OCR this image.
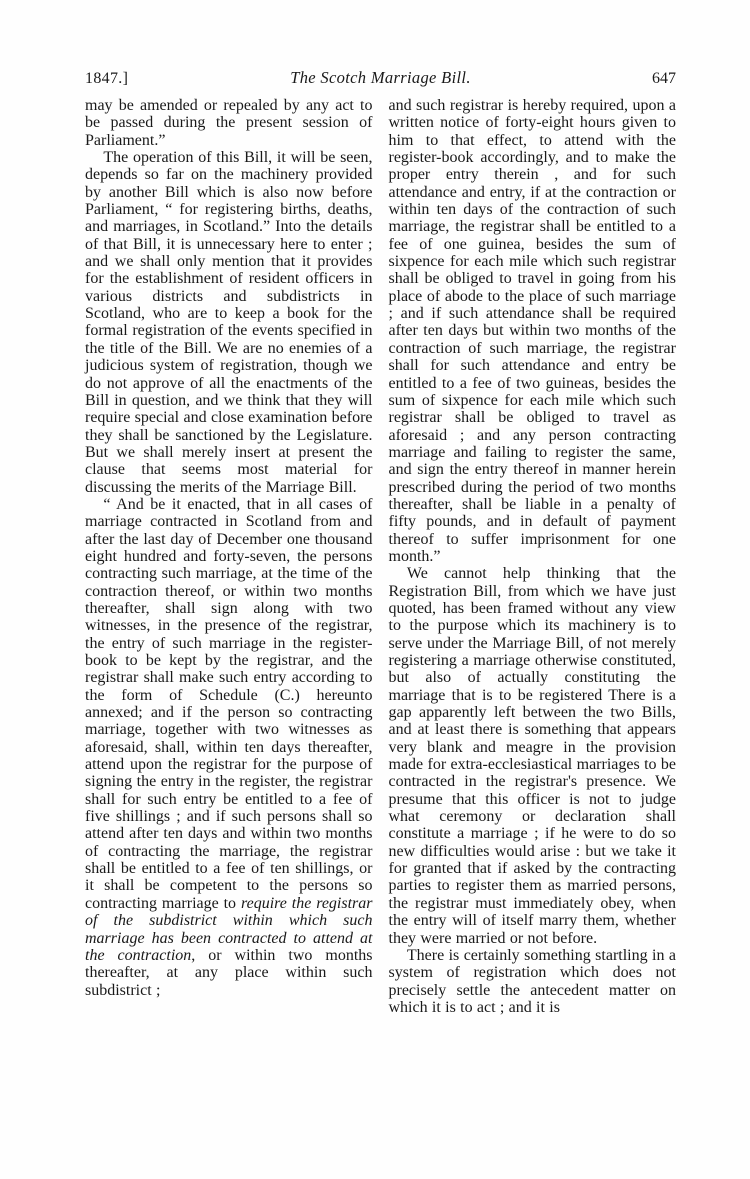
1847.]	The Scotch Marriage Bill.	647

may be amended or repealed by any act to be passed during the present session of Parliament.”

The operation of this Bill, it will be seen, depends so far on the machinery provided by another Bill which is also now before Parliament, “ for registering births, deaths, and marriages, in Scotland.” Into the details of that Bill, it is unnecessary here to enter ; and we shall only mention that it provides for the establishment of resident officers in various districts and subdistricts in Scotland, who are to keep a book for the formal registration of the events specified in the title of the Bill. We are no enemies of a judicious system of registration, though we do not approve of all the enactments of the Bill in question, and we think that they will require special and close examination before they shall be sanctioned by the Legislature. But we shall merely insert at present the clause that seems most material for discussing the merits of the Marriage Bill.

“ And be it enacted, that in all cases of marriage contracted in Scotland from and after the last day of December one thousand eight hundred and forty-seven, the persons contracting such marriage, at the time of the contraction thereof, or within two months thereafter, shall sign along with two witnesses, in the presence of the registrar, the entry of such marriage in the register-book to be kept by the registrar, and the registrar shall make such entry according to the form of Schedule (C.) hereunto annexed; and if the person so contracting marriage, together with two witnesses as aforesaid, shall, within ten days thereafter, attend upon the registrar for the purpose of signing the entry in the register, the registrar shall for such entry be entitled to a fee of five shillings ; and if such persons shall so attend after ten days and within two months of contracting the marriage, the registrar shall be entitled to a fee of ten shillings, or it shall be competent to the persons so contracting marriage to require the registrar of the subdistrict within which such marriage has been contracted to attend at the contraction, or within two months thereafter, at any place within such subdistrict ;

and such registrar is hereby required, upon a written notice of forty-eight hours given to him to that effect, to attend with the register-book accordingly, and to make the proper entry therein , and for such attendance and entry, if at the contraction or within ten days of the contraction of such marriage, the registrar shall be entitled to a fee of one guinea, besides the sum of sixpence for each mile which such registrar shall be obliged to travel in going from his place of abode to the place of such marriage ; and if such attendance shall be required after ten days but within two months of the contraction of such marriage, the registrar shall for such attendance and entry be entitled to a fee of two guineas, besides the sum of sixpence for each mile which such registrar shall be obliged to travel as aforesaid ; and any person contracting marriage and failing to register the same, and sign the entry thereof in manner herein prescribed during the period of two months thereafter, shall be liable in a penalty of fifty pounds, and in default of payment thereof to suffer imprisonment for one month.”

We cannot help thinking that the Registration Bill, from which we have just quoted, has been framed without any view to the purpose which its machinery is to serve under the Marriage Bill, of not merely registering a marriage otherwise constituted, but also of actually constituting the marriage that is to be registered There is a gap apparently left between the two Bills, and at least there is something that appears very blank and meagre in the provision made for extra-ecclesiastical marriages to be contracted in the registrar's presence. We presume that this officer is not to judge what ceremony or declaration shall constitute a marriage ; if he were to do so new difficulties would arise : but we take it for granted that if asked by the contracting parties to register them as married persons, the registrar must immediately obey, when the entry will of itself marry them, whether they were married or not before.

There is certainly something startling in a system of registration which does not precisely settle the antecedent matter on which it is to act ; and it is
